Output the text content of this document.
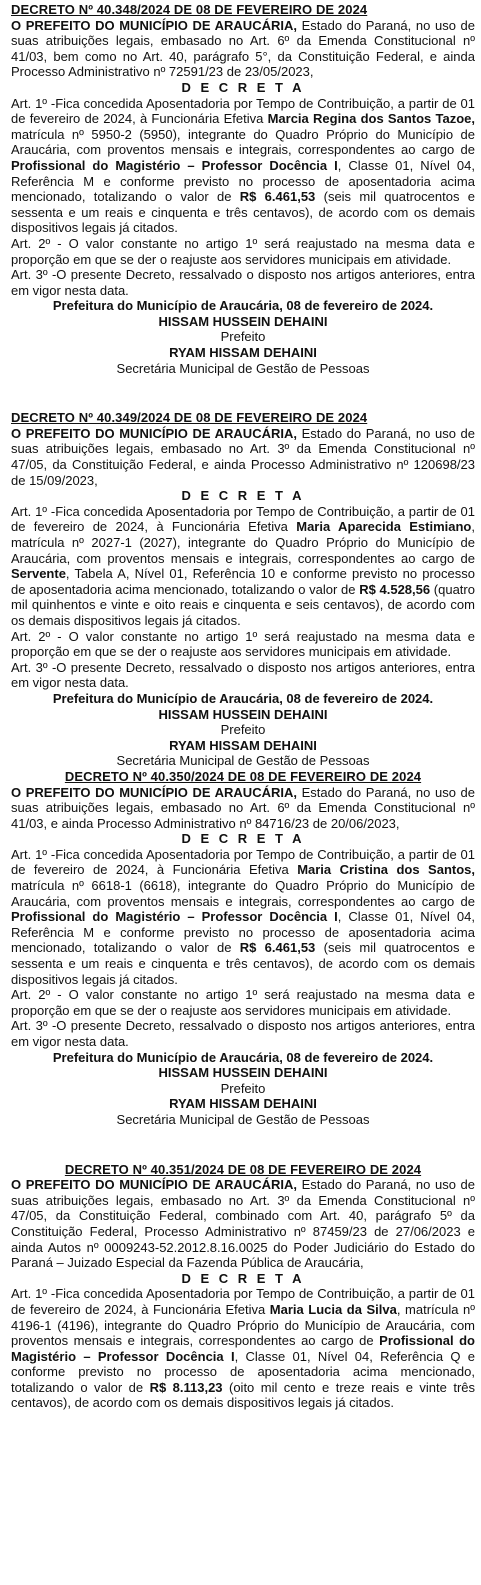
DECRETO Nº 40.348/2024 DE 08 DE FEVEREIRO DE 2024

O PREFEITO DO MUNICÍPIO DE ARAUCÁRIA, Estado do Paraná, no uso de suas atribuições legais, embasado no Art. 6º da Emenda Constitucional nº 41/03, bem como no Art. 40, parágrafo 5°, da Constituição Federal, e ainda Processo Administrativo nº 72591/23 de 23/05/2023,

D E C R E T A

Art. 1º -Fica concedida Aposentadoria por Tempo de Contribuição, a partir de 01 de fevereiro de 2024, à Funcionária Efetiva Marcia Regina dos Santos Tazoe, matrícula nº 5950-2 (5950), integrante do Quadro Próprio do Município de Araucária, com proventos mensais e integrais, correspondentes ao cargo de Profissional do Magistério – Professor Docência I, Classe 01, Nível 04, Referência M e conforme previsto no processo de aposentadoria acima mencionado, totalizando o valor de R$ 6.461,53 (seis mil quatrocentos e sessenta e um reais e cinquenta e três centavos), de acordo com os demais dispositivos legais já citados.

Art. 2º - O valor constante no artigo 1º será reajustado na mesma data e proporção em que se der o reajuste aos servidores municipais em atividade.

Art. 3º -O presente Decreto, ressalvado o disposto nos artigos anteriores, entra em vigor nesta data.

Prefeitura do Município de Araucária, 08 de fevereiro de 2024.

HISSAM HUSSEIN DEHAINI

Prefeito

RYAM HISSAM DEHAINI

Secretária Municipal de Gestão de Pessoas

DECRETO Nº 40.349/2024 DE 08 DE FEVEREIRO DE 2024

O PREFEITO DO MUNICÍPIO DE ARAUCÁRIA, Estado do Paraná, no uso de suas atribuições legais, embasado no Art. 3º da Emenda Constitucional nº 47/05, da Constituição Federal, e ainda Processo Administrativo nº 120698/23 de 15/09/2023,

D E C R E T A

Art. 1º -Fica concedida Aposentadoria por Tempo de Contribuição, a partir de 01 de fevereiro de 2024, à Funcionária Efetiva Maria Aparecida Estimiano, matrícula nº 2027-1 (2027), integrante do Quadro Próprio do Município de Araucária, com proventos mensais e integrais, correspondentes ao cargo de Servente, Tabela A, Nível 01, Referência 10 e conforme previsto no processo de aposentadoria acima mencionado, totalizando o valor de R$ 4.528,56 (quatro mil quinhentos e vinte e oito reais e cinquenta e seis centavos), de acordo com os demais dispositivos legais já citados.

Art. 2º - O valor constante no artigo 1º será reajustado na mesma data e proporção em que se der o reajuste aos servidores municipais em atividade.

Art. 3º -O presente Decreto, ressalvado o disposto nos artigos anteriores, entra em vigor nesta data.

Prefeitura do Município de Araucária, 08 de fevereiro de 2024.

HISSAM HUSSEIN DEHAINI

Prefeito

RYAM HISSAM DEHAINI

Secretária Municipal de Gestão de Pessoas

DECRETO Nº 40.350/2024 DE 08 DE FEVEREIRO DE 2024

O PREFEITO DO MUNICÍPIO DE ARAUCÁRIA, Estado do Paraná, no uso de suas atribuições legais, embasado no Art. 6º da Emenda Constitucional nº 41/03, e ainda Processo Administrativo nº 84716/23 de 20/06/2023,

D E C R E T A

Art. 1º -Fica concedida Aposentadoria por Tempo de Contribuição, a partir de 01 de fevereiro de 2024, à Funcionária Efetiva Maria Cristina dos Santos, matrícula nº 6618-1 (6618), integrante do Quadro Próprio do Município de Araucária, com proventos mensais e integrais, correspondentes ao cargo de Profissional do Magistério – Professor Docência I, Classe 01, Nível 04, Referência M e conforme previsto no processo de aposentadoria acima mencionado, totalizando o valor de R$ 6.461,53 (seis mil quatrocentos e sessenta e um reais e cinquenta e três centavos), de acordo com os demais dispositivos legais já citados.

Art. 2º - O valor constante no artigo 1º será reajustado na mesma data e proporção em que se der o reajuste aos servidores municipais em atividade.

Art. 3º -O presente Decreto, ressalvado o disposto nos artigos anteriores, entra em vigor nesta data.

Prefeitura do Município de Araucária, 08 de fevereiro de 2024.

HISSAM HUSSEIN DEHAINI

Prefeito

RYAM HISSAM DEHAINI

Secretária Municipal de Gestão de Pessoas

DECRETO Nº 40.351/2024 DE 08 DE FEVEREIRO DE 2024

O PREFEITO DO MUNICÍPIO DE ARAUCÁRIA, Estado do Paraná, no uso de suas atribuições legais, embasado no Art. 3º da Emenda Constitucional nº 47/05, da Constituição Federal, combinado com Art. 40, parágrafo 5º da Constituição Federal, Processo Administrativo nº 87459/23 de 27/06/2023 e ainda Autos nº 0009243-52.2012.8.16.0025 do Poder Judiciário do Estado do Paraná – Juizado Especial da Fazenda Pública de Araucária,

D E C R E T A

Art. 1º -Fica concedida Aposentadoria por Tempo de Contribuição, a partir de 01 de fevereiro de 2024, à Funcionária Efetiva Maria Lucia da Silva, matrícula nº 4196-1 (4196), integrante do Quadro Próprio do Município de Araucária, com proventos mensais e integrais, correspondentes ao cargo de Profissional do Magistério – Professor Docência I, Classe 01, Nível 04, Referência Q e conforme previsto no processo de aposentadoria acima mencionado, totalizando o valor de R$ 8.113,23 (oito mil cento e treze reais e vinte três centavos), de acordo com os demais dispositivos legais já citados.
